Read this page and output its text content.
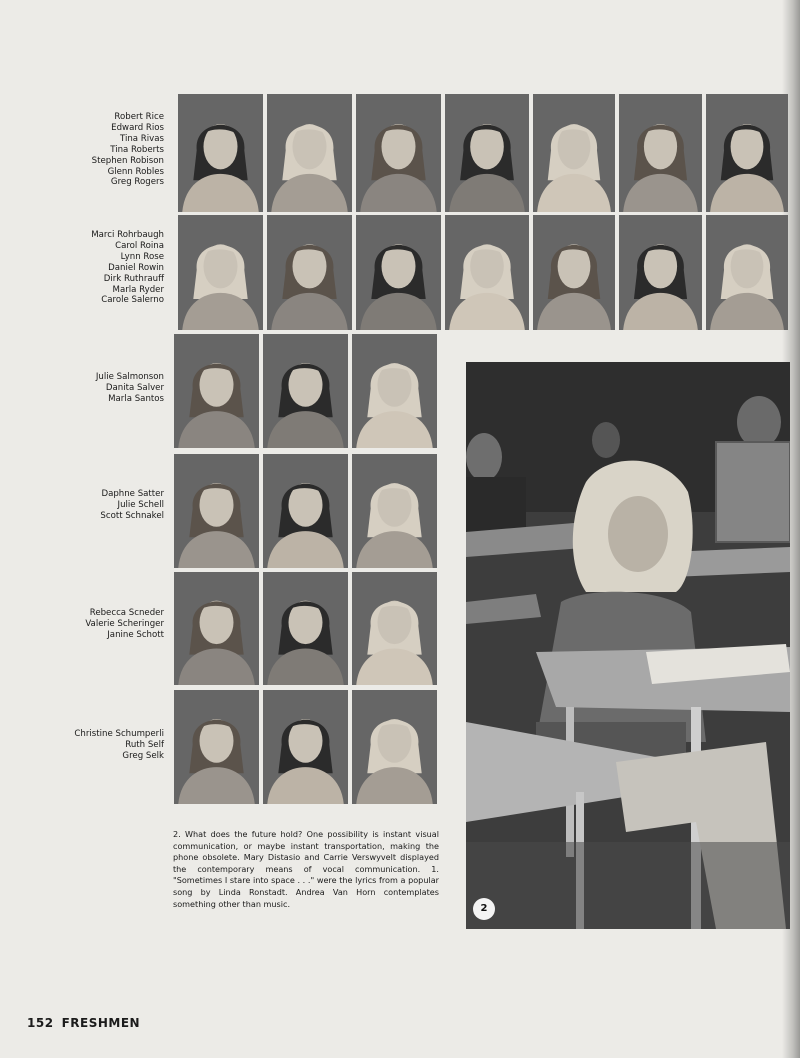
Robert Rice
Edward Rios
Tina Rivas
Tina Roberts
Stephen Robison
Glenn Robles
Greg Rogers
Marci Rohrbaugh
Carol Roina
Lynn Rose
Daniel Rowin
Dirk Ruthrauff
Marla Ryder
Carole Salerno
Julie Salmonson
Danita Salver
Marla Santos
Daphne Satter
Julie Schell
Scott Schnakel
Rebecca Scneder
Valerie Scheringer
Janine Schott
Christine Schumperli
Ruth Self
Greg Selk
2

2. What does the future hold? One possibility is instant visual communication, or maybe instant transportation, making the phone obsolete. Mary Distasio and Carrie Verswyvelt displayed the contemporary means of vocal communication. 1. "Sometimes I stare into space . . ." were the lyrics from a popular song by Linda Ronstadt. Andrea Van Horn contemplates something other than music.

152 FRESHMEN
